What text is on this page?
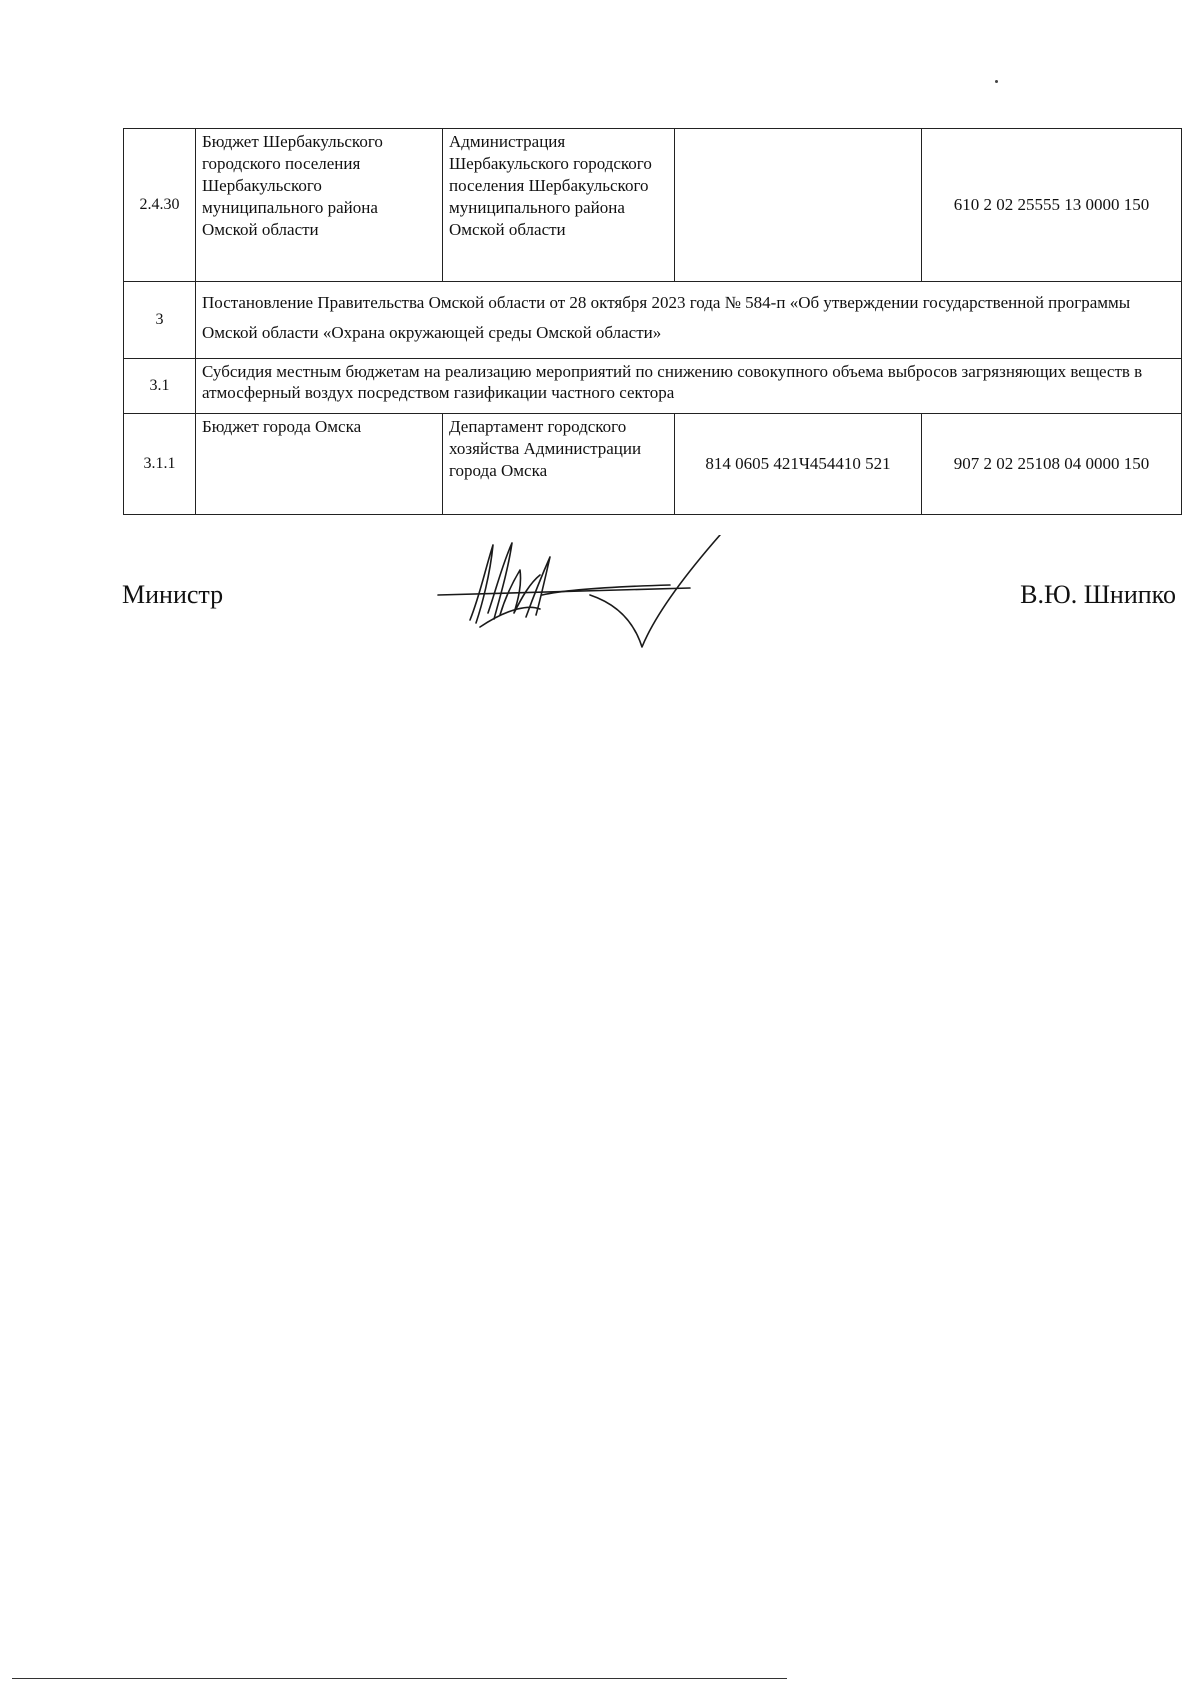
2.4.30	Бюджет Шербакульского городского поселения Шербакульского муниципального района Омской области	Администрация Шербакульского городского поселения Шербакульского муниципального района Омской области		610 2 02 25555 13 0000 150
3	Постановление Правительства Омской области от 28 октября 2023 года № 584-п «Об утверждении государственной программы Омской области «Охрана окружающей среды Омской области»			
3.1	Субсидия местным бюджетам на реализацию мероприятий по снижению совокупного объема выбросов загрязняющих веществ в атмосферный воздух посредством газификации частного сектора			
3.1.1	Бюджет города Омска	Департамент городского хозяйства Администрации города Омска	814 0605 421Ч454410 521	907 2 02 25108 04 0000 150
Министр	В.Ю. Шнипко
